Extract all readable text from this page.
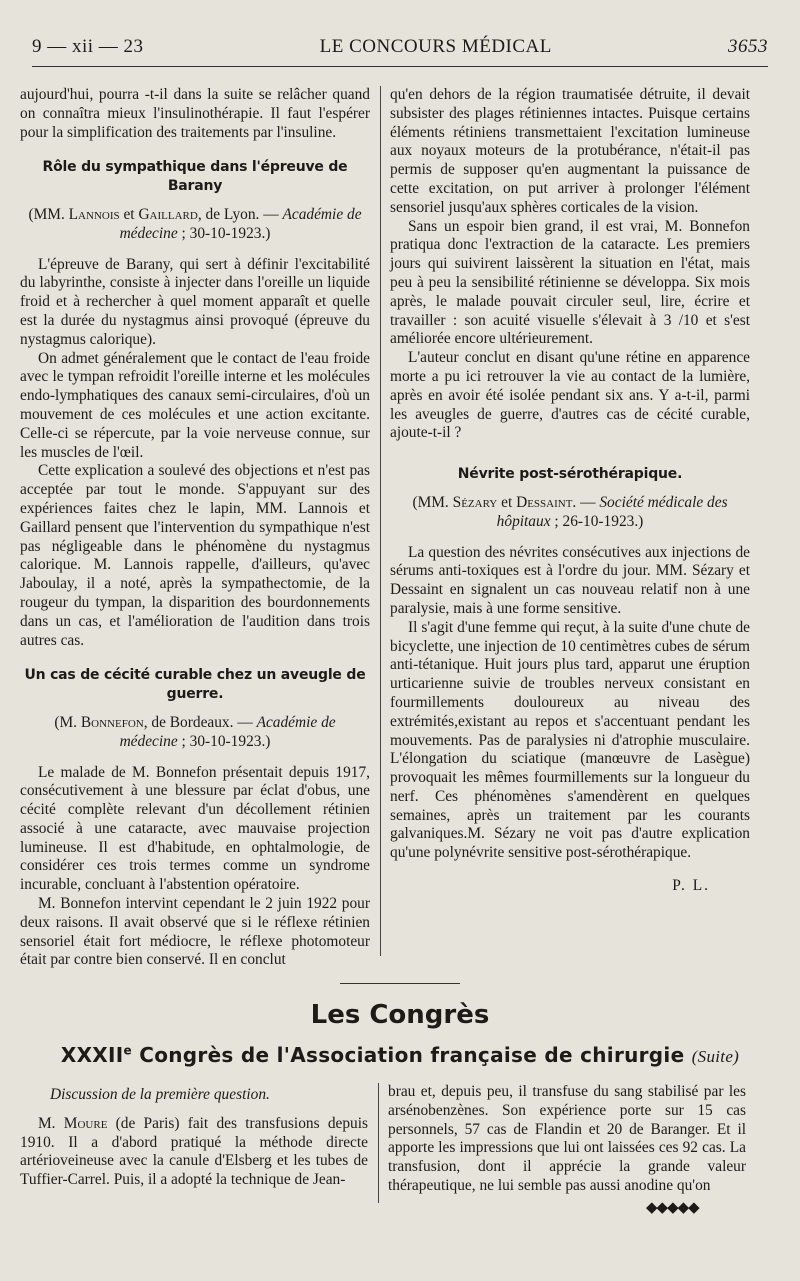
9 — xii — 23	LE CONCOURS MÉDICAL	3653

aujourd'hui, pourra -t-il dans la suite se relâcher quand on connaîtra mieux l'insulinothérapie. Il faut l'espérer pour la simplification des traitements par l'insuline.

Rôle du sympathique dans l'épreuve de Barany
(MM. Lannois et Gaillard, de Lyon. — Académie de médecine ; 30-10-1923.)

L'épreuve de Barany, qui sert à définir l'excitabilité du labyrinthe, consiste à injecter dans l'oreille un liquide froid et à rechercher à quel moment apparaît et quelle est la durée du nystagmus ainsi provoqué (épreuve du nystagmus calorique).

On admet généralement que le contact de l'eau froide avec le tympan refroidit l'oreille interne et les molécules endo-lymphatiques des canaux semi-circulaires, d'où un mouvement de ces molécules et une action excitante. Celle-ci se répercute, par la voie nerveuse connue, sur les muscles de l'œil.

Cette explication a soulevé des objections et n'est pas acceptée par tout le monde. S'appuyant sur des expériences faites chez le lapin, MM. Lannois et Gaillard pensent que l'intervention du sympathique n'est pas négligeable dans le phénomène du nystagmus calorique. M. Lannois rappelle, d'ailleurs, qu'avec Jaboulay, il a noté, après la sympathectomie, de la rougeur du tympan, la disparition des bourdonnements dans un cas, et l'amélioration de l'audition dans trois autres cas.

Un cas de cécité curable chez un aveugle de guerre.
(M. Bonnefon, de Bordeaux. — Académie de médecine ; 30-10-1923.)

Le malade de M. Bonnefon présentait depuis 1917, consécutivement à une blessure par éclat d'obus, une cécité complète relevant d'un décollement rétinien associé à une cataracte, avec mauvaise projection lumineuse. Il est d'habitude, en ophtalmologie, de considérer ces trois termes comme un syndrome incurable, concluant à l'abstention opératoire.

M. Bonnefon intervint cependant le 2 juin 1922 pour deux raisons. Il avait observé que si le réflexe rétinien sensoriel était fort médiocre, le réflexe photomoteur était par contre bien conservé. Il en conclut

qu'en dehors de la région traumatisée détruite, il devait subsister des plages rétiniennes intactes. Puisque certains éléments rétiniens transmettaient l'excitation lumineuse aux noyaux moteurs de la protubérance, n'était-il pas permis de supposer qu'en augmentant la puissance de cette excitation, on put arriver à prolonger l'élément sensoriel jusqu'aux sphères corticales de la vision.

Sans un espoir bien grand, il est vrai, M. Bonnefon pratiqua donc l'extraction de la cataracte. Les premiers jours qui suivirent laissèrent la situation en l'état, mais peu à peu la sensibilité rétinienne se développa. Six mois après, le malade pouvait circuler seul, lire, écrire et travailler : son acuité visuelle s'élevait à 3 /10 et s'est améliorée encore ultérieurement.

L'auteur conclut en disant qu'une rétine en apparence morte a pu ici retrouver la vie au contact de la lumière, après en avoir été isolée pendant six ans. Y a-t-il, parmi les aveugles de guerre, d'autres cas de cécité curable, ajoute-t-il ?

Névrite post-sérothérapique.
(MM. Sézary et Dessaint. — Société médicale des hôpitaux ; 26-10-1923.)

La question des névrites consécutives aux injections de sérums anti-toxiques est à l'ordre du jour. MM. Sézary et Dessaint en signalent un cas nouveau relatif non à une paralysie, mais à une forme sensitive.

Il s'agit d'une femme qui reçut, à la suite d'une chute de bicyclette, une injection de 10 centimètres cubes de sérum anti-tétanique. Huit jours plus tard, apparut une éruption urticarienne suivie de troubles nerveux consistant en fourmillements douloureux au niveau des extrémités,existant au repos et s'accentuant pendant les mouvements. Pas de paralysies ni d'atrophie musculaire. L'élongation du sciatique (manœuvre de Lasègue) provoquait les mêmes fourmillements sur la longueur du nerf. Ces phénomènes s'amendèrent en quelques semaines, après un traitement par les courants galvaniques.M. Sézary ne voit pas d'autre explication qu'une polynévrite sensitive post-sérothérapique.

P. L.
Les Congrès
XXXIIe Congrès de l'Association française de chirurgie (Suite)

Discussion de la première question.

M. Moure (de Paris) fait des transfusions depuis 1910. Il a d'abord pratiqué la méthode directe artérioveineuse avec la canule d'Elsberg et les tubes de Tuffier-Carrel. Puis, il a adopté la technique de Jean-

brau et, depuis peu, il transfuse du sang stabilisé par les arsénobenzènes. Son expérience porte sur 15 cas personnels, 57 cas de Flandin et 20 de Baranger. Et il apporte les impressions que lui ont laissées ces 92 cas. La transfusion, dont il apprécie la grande valeur thérapeutique, ne lui semble pas aussi anodine qu'on

◆◆◆◆◆
